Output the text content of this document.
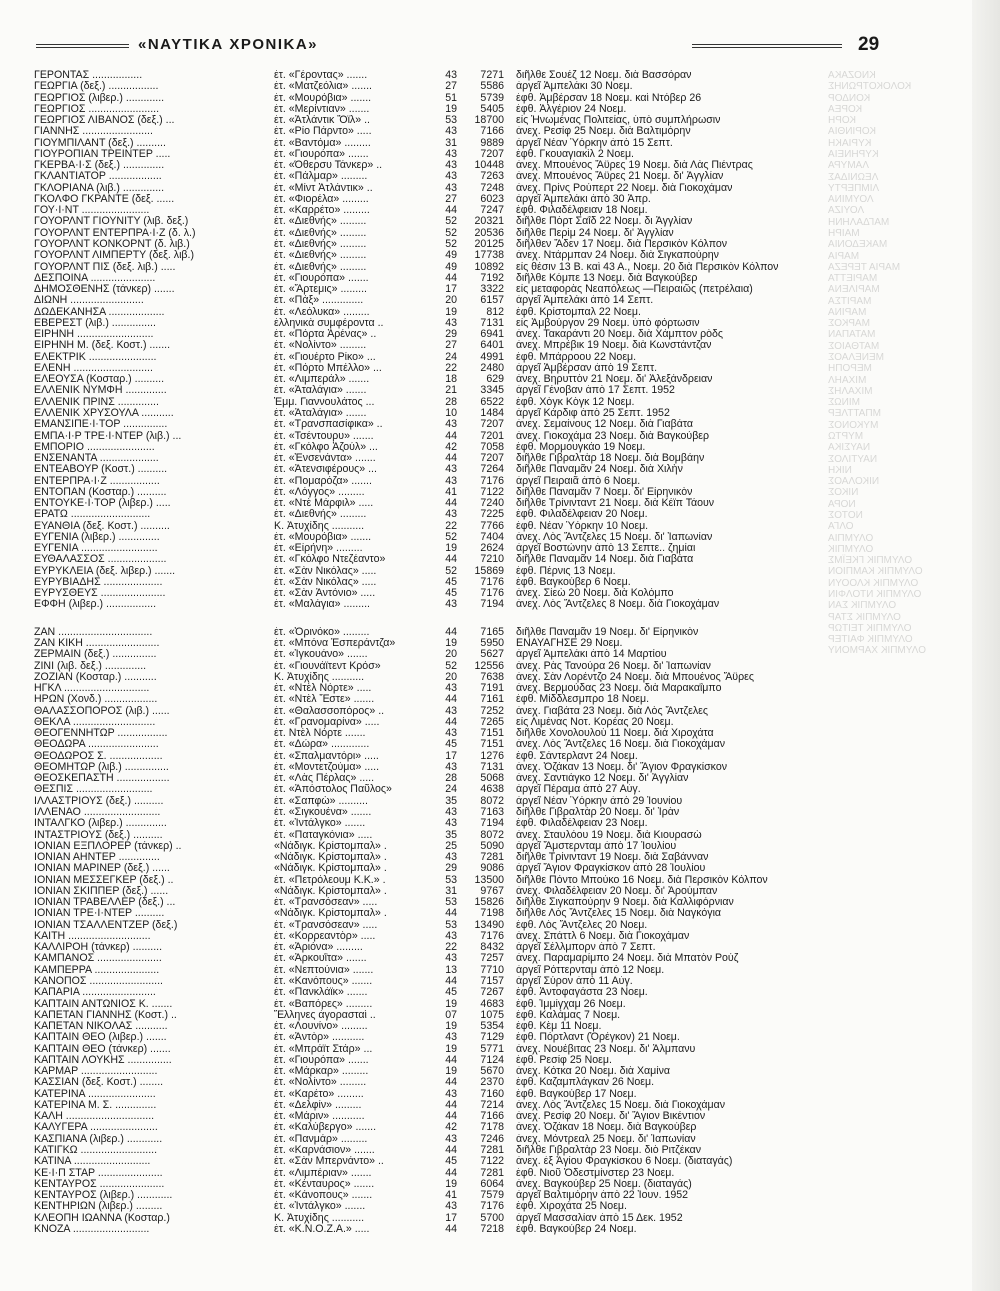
«ΝΑΥΤΙΚΑ ΧΡΟΝΙΚΑ»	29
ΚΝΟΖΑΚΑ
ΚΟΛΟΚΟΤΡΩΝΗΣ
ΚΟΝΔΟΡ
ΚΟΡΕΑ
ΚΟΡΗ
ΚΟΡΙΝΘΙΑ
ΚΥΡΙΑΚΗ
ΚΥΡΗΝΕΙΑ
ΛΑΜΥΡΑ
ΛΕΩΝΙΔΑΣ
ΛΙΜΠΕΡΤΥ
ΛΟΥΜΙΝΑ
ΛΟΥΙΖΑ
ΜΑΓΔΑΛΗΝΗ
ΜΑΙΡΗ
ΜΑΚΕΔΟΝΙΑ
ΜΑΡΙΑ
ΜΑΡΙΑ ΤΕΡΕΖΑ
ΜΑΡΙΕΤΤΑ
ΜΑΡΙΛΕΝΑ
ΜΑΡΙΤΣΑ
ΜΑΡΙΝΑ
ΜΑΡΚΟΣ
ΜΑΤΑΠΑΝ
ΜΑΤΘΑΙΟΣ
ΜΕΝΕΛΑΟΣ
ΜΕΡΟΠΗ
ΜΙΧΑΗΛ
ΜΙΧΑΛΗΣ
ΜΙΝΩΣ
ΜΠΑΤΤΛΕΡ
ΜΥΚΟΝΟΣ
ΜΥΡΤΩ
ΝΑΥΣΙΚΑ
ΝΑΥΤΙΛΟΣ
ΝΙΚΗ
ΝΙΚΟΛΑΟΣ
ΝΙΚΟΣ
ΝΟΡΑ
ΝΟΤΟΣ
ΟΛΓΑ
ΟΛΥΜΠΙΑ
ΟΛΥΜΠΙΚ
ΟΛΥΜΠΙΚ ΓΚΕΪΜΣ
ΟΛΥΜΠΙΚ ΚΑΜΠΙΟΝ
ΟΛΥΜΠΙΚ ΚΛΟΟΥΝ
ΟΛΥΜΠΙΚ ΝΤΟΛΦΙΝ
ΟΛΥΜΠΙΚ ΣΑΝ
ΟΛΥΜΠΙΚ ΣΤΑΡ
ΟΛΥΜΠΙΚ ΤΕΙΤΩΡ
ΟΛΥΜΠΙΚ ΦΑΙΤΕΡ
ΟΛΥΜΠΙΚ ΧΑΡΜΟΝΥ
ΓΕΡΟΝΤΑΣ .................	ἐτ. «Γέροντας» .......	43	7271 διῆλθε Σουέζ 12 Νοεμ. διὰ Βασσόραν
ΓΕΩΡΓΙΑ (δεξ.) .................	ἐτ. «Ματζεόλια» .......	27	5586 ἀργεῖ Ἀμπελάκι 30 Νοεμ.
ΓΕΩΡΓΙΟΣ (λιβερ.) .............	ἐτ. «Μουρόβια» .......	51	5739 ἐφθ. Ἀμβέρσαν 18 Νοεμ. καὶ Ντόβερ 26
ΓΕΩΡΓΙΟΣ ........................	ἐτ. «Μερίντιαν» .......	19	5405 ἐφθ. Ἀλγέριον 24 Νοεμ.
ΓΕΩΡΓΙΟΣ ΛΙΒΑΝΟΣ (δεξ.) ...	ἐτ. «Ἀτλάντικ Ὄϊλ» ..	53	18700 εἰς Ἡνωμένας Πολιτείας, ὑπὸ συμπλήρωσιν
ΓΙΑΝΝΗΣ ........................	ἐτ. «Ρίο Πάρντο» .....	43	7166 ἀνεχ. Ρεσίφ 25 Νοεμ. διὰ Βαλτιμόρην
ΓΙΟΥΜΠΙΛΑΝΤ (δεξ.) ..........	ἐτ. «Βαντόμα» .........	31	9889 ἀργεῖ Νέαν Ὑόρκην ἀπὸ 15 Σεπτ.
ΓΙΟΥΡΟΠΙΑΝ ΤΡΕΪΝΤΕΡ .....	ἐτ. «Γιουρόπα» .......	43	7207 ἐφθ. Γκουαγιακὶλ 2 Νοεμ.
ΓΚΕΡΒΑ·Ι·Σ (δεξ.) ..............	ἐτ. «Όθερσυ Τάνκερ» ..	43	10448 ἀνεχ. Μπουένος Ἄϋρες 19 Νοεμ. διὰ Λὰς Πιέντρας
ΓΚΛΑΝΤΙΑΤΟΡ ..................	ἐτ. «Πάλμαρ» .........	43	7263 ἀνεχ. Μπουένος Ἄϋρες 21 Νοεμ. δι' Ἀγγλίαν
ΓΚΛΟΡΙΑΝΑ (λιβ.) ..............	ἐτ. «Μίντ Ἀτλάντικ» ..	43	7248 ἀνεχ. Πρίνς Ρούπερτ 22 Νοεμ. διὰ Γιοκοχάμαν
ΓΚΟΛΦΟ ΓΚΡΑΝΤΕ (δεξ. ......	ἐτ. «Φιορέλα» .........	27	6023 ἀργεῖ Ἀμπελάκι ἀπὸ 30 Ἀπρ.
ΓΟΥ·Ι·ΝΤ .......................	ἐτ. «Καρρέτο» .........	44	7247 ἐφθ. Φιλαδέλφειαν 18 Νοεμ.
ΓΟΥΟΡΛΝΤ ΓΙΟΥΝΙΤΥ (λιβ. δεξ.)	ἐτ. «Διεθνής» .........	52	20321 διῆλθε Πὸρτ Σαΐδ 22 Νοεμ. δι Ἀγγλίαν
ΓΟΥΟΡΛΝΤ ΕΝΤΕΡΠΡΑ·Ι·Ζ (δ. λ.)	ἐτ. «Διεθνής» .........	52	20536 διῆλθε Περὶμ 24 Νοεμ. δι' Ἀγγλίαν
ΓΟΥΟΡΛΝΤ ΚΟΝΚΟΡΝΤ (δ. λιβ.)	ἐτ. «Διεθνής» .........	52	20125 διῆλθεν Ἄδεν 17 Νοεμ. διὰ Περσικὸν Κόλπον
ΓΟΥΟΡΛΝΤ ΛΙΜΠΕΡΤΥ (δεξ. λιβ.)	ἐτ. «Διεθνής» .........	49	17738 ἀνεχ. Ντάρμπαν 24 Νοεμ. διὰ Σιγκαπούρην
ΓΟΥΟΡΛΝΤ ΠΙΣ (δεξ. λιβ.) .....	ἐτ. «Διεθνής» .........	49	10892 εἰς θέσιν 13 Β. καὶ 43 Α., Νοεμ. 20 διὰ Περσικὸν Κόλπον
ΔΕΣΠΟΙΝΑ ......................	ἐτ. «Γιουρόπα» .......	44	7192 διῆλθε Κόμπε 13 Νοεμ. διὰ Βαγκούβερ
ΔΗΜΟΣΘΕΝΗΣ (τάνκερ) .......	ἐτ. «Ἄρτεμις» .........	17	3322 εἰς μεταφορὰς Νεαπόλεως —Πειραιῶς (πετρέλαια)
ΔΙΩΝΗ .........................	ἐτ. «Πάξ» ..............	20	6157 ἀργεῖ Ἀμπελάκι ἀπὸ 14 Σεπτ.
ΔΩΔΕΚΑΝΗΣΑ ...................	ἐτ. «Λεόλυκα» .........	19	812 ἐφθ. Κρίστομπαλ 22 Νοεμ.
ΕΒΕΡΕΣΤ (λιβ.) ...............	ἑλληνικὰ συμφέροντα ..	43	7131 εἰς Ἀμβούργον 29 Νοεμ. ὑπὸ φόρτωσιν
ΕΙΡΗΝΗ ..........................	ἐτ. «Πόρτα Ἀρένας» ..	29	6941 ἀνεχ. Τακαράντι 20 Νοεμ. διὰ Χάμπτον ρὸδς
ΕΙΡΗΝΗ Μ. (δεξ. Κοστ.) .......	ἐτ. «Νολίντο» .........	27	6401 ἀνεχ. Μπρέβικ 19 Νοεμ. διὰ Κωνστάντζαν
ΕΛΕΚΤΡΙΚ .......................	ἐτ. «Γιουέρτο Ρίκο» ...	24	4991 ἐφθ. Μπάρροου 22 Νοεμ.
ΕΛΕΝΗ ...........................	ἐτ. «Πόρτο Μπέλλο» ...	22	2480 ἀργεῖ Ἀμβέρσαν ἀπὸ 19 Σεπτ.
ΕΛΕΟΥΣΑ (Κοσταρ.) ..........	ἐτ. «Λιμπεράλ» .......	18	629 ἀνεχ. Βηρυττὸν 21 Νοεμ. δι' Ἀλεξάνδρειαν
ΕΛΛΕΝΙΚ ΝΥΜΦΗ ..............	ἐτ. «Ἀταλάγια» .......	21	3345 ἀργεῖ Γένοβαν ἀπὸ 17 Σεπτ. 1952
ΕΛΛΕΝΙΚ ΠΡΙΝΣ ..............	Ἑμμ. Γιαννουλάτος ...	28	6522 ἐφθ. Χὸγκ Κὸγκ 12 Νοεμ.
ΕΛΛΕΝΙΚ ΧΡΥΣΟΥΛΑ ...........	ἐτ. «Ἀταλάγια» .......	10	1484 ἀργεῖ Κάρδιφ ἀπὸ 25 Σεπτ. 1952
ΕΜΑΝΣΙΠΕ·Ι·ΤΟΡ ...............	ἐτ. «Τρανσπασίφικα» ..	43	7207 ἀνεχ. Σεμαίνους 12 Νοεμ. διὰ Γιαβάτα
ΕΜΠΑ·Ι·Ρ ΤΡΕ·Ι·ΝΤΕΡ (λιβ.) ...	ἐτ. «Τσέντουρυ» .......	44	7201 ἀνεχ. Γιοκοχάμα 23 Νοεμ. διὰ Βαγκούβερ
ΕΜΠΟΡΙΟ .......................	ἐτ. «Γκόλφο Ἀζούλ» ...	42	7058 ἐφθ. Μορμουγκάο 19 Νοεμ.
ΕΝΣΕΝΑΝΤΑ ....................	ἐτ. «Ἐνσενάντα» .......	44	7207 διῆλθε Γιβραλτὰρ 18 Νοεμ. διὰ Βομβάην
ΕΝΤΕΑΒΟΥΡ (Κοστ.) ..........	ἐτ. «Ἀτενσιφέρους» ...	43	7264 διῆλθε Παναμᾶν 24 Νοεμ. διὰ Χιλὴν
ΕΝΤΕΡΠΡΑ·Ι·Ζ .................	ἐτ. «Πομαρόζα» .......	43	7176 ἀργεῖ Πειραιᾶ ἀπὸ 6 Νοεμ.
ΕΝΤΟΠΑΝ (Κοσταρ.) ..........	ἐτ. «Λόγγος» .........	41	7122 διῆλθε Παναμᾶν 7 Νοεμ. δι' Εἰρηνικὸν
ΕΝΤΟΥΚΕ·Ι·ΤΟΡ (λιβερ.) .....	ἐτ. «Ντὲ Μάρφιλ» .....	44	7240 διῆλθε Τρίνινταντ 21 Νοεμ. διὰ Κέϊπ Τάουν
ΕΡΑΤΩ ...........................	ἐτ. «Διεθνής» .........	43	7225 ἐφθ. Φιλαδέλφειαν 20 Νοεμ.
ΕΥΑΝΘΙΑ (δεξ. Κοστ.) ..........	Κ. Ἀτυχίδης ...........	22	7766 ἐφθ. Νέαν Ὑόρκην 10 Νοεμ.
ΕΥΓΕΝΙΑ (λιβερ.) ..............	ἐτ. «Μουρόβια» .......	52	7404 ἀνεχ. Λὸς Ἄντζελες 15 Νοεμ. δι' Ἰαπωνίαν
ΕΥΓΕΝΙΑ ..........................	ἐτ. «Εἰρήνη» .........	19	2624 ἀργεῖ Βοστώνην ἀπὸ 13 Σεπτε.. ζημίαι
ΕΥΘΑΛΑΣΣΟΣ ....................	ἐτ. «Γκόλφο Ντεζέαντο»	44	7210 διῆλθε Παναμᾶν 14 Νοεμ. διὰ Γιαβάτα
ΕΥΡΥΚΛΕΙΑ (δεξ. λιβερ.) .......	ἐτ. «Σὰν Νικόλας» .....	52	15869 ἐφθ. Πέρνις 13 Νοεμ.
ΕΥΡΥΒΙΑΔΗΣ ....................	ἐτ. «Σὰν Νικόλας» .....	45	7176 ἐφθ. Βαγκούβερ 6 Νοεμ.
ΕΥΡΥΣΘΕΥΣ ......................	ἐτ. «Σὰν Ἀντόνιο» .....	45	7176 ἀνεχ. Σίεὼ 20 Νοεμ. διὰ Κολόμπο
ΕΦΦΗ (λιβερ.) .................	ἐτ. «Μαλάγια» .........	43	7194 ἀνεχ. Λὸς Ἄντζελες 8 Νοεμ. διὰ Γιοκοχάμαν
ΖΑΝ ................................	ἐτ. «Ὀρινόκο» .........	44	7165 διῆλθε Παναμᾶν 19 Νοεμ. δι' Εἰρηνικὸν
ΖΑΝ ΚΙΚΗ .........................	ἐτ. «Μπόνα Ἐσπεράντζα»	19	5950 ΕΝΑΥΑΓΗΣΕ 29 Νοεμ.
ΖΕΡΜΑΙΝ (δεξ.) ...............	ἐτ. «Ἰγκουάνο» .......	20	5627 ἀργεῖ Ἀμπελάκι ἀπὸ 14 Μαρτίου
ΖΙΝΙ (λιβ. δεξ.) ..............	ἐτ. «Γιουνάϊτεντ Κρόσ»	52	12556 ἀνεχ. Ρὰς Τανούρα 26 Νοεμ. δι' Ἰαπωνίαν
ΖΟΖΙΑΝ (Κοσταρ.) ...........	Κ. Ἀτυχίδης ...........	20	7638 ἀνεχ. Σὰν Λορέντζο 24 Νοεμ. διὰ Μπουένος Ἄϋρες
ΗΓΚΛ .............................	ἐτ. «Ντὲλ Νόρτε» .....	43	7191 ἀνεχ. Βερμούδας 23 Νοεμ. διὰ Μαρακαΐμπο
ΗΡΩΝ (Χονδ.) ..................	ἐτ. «Ντὲλ Ἔστε» .......	44	7161 ἐφθ. Μίδδλεσμπρο 18 Νοεμ.
ΘΑΛΑΣΣΟΠΟΡΟΣ (λιβ.) ......	ἐτ. «Θαλασσοπόρος» ..	43	7252 ἀνεχ. Γιαβάτα 23 Νοεμ. διὰ Λὸς Ἄντζελες
ΘΕΚΛΑ ............................	ἐτ. «Γρανομαρίνα» .....	44	7265 εἰς Λιμένας Νοτ. Κορέας 20 Νοεμ.
ΘΕΟΓΕΝΝΗΤΩΡ .................	ἐτ. Ντὲλ Νόρτε .......	43	7151 διῆλθε Χονολουλοὺ 11 Νοεμ. διὰ Χιροχάτα
ΘΕΟΔΩΡΑ ........................	ἐτ. «Δώρα» .............	45	7151 ἀνεχ. Λὸς Ἄντζελες 16 Νοεμ. διὰ Γιοκοχάμαν
ΘΕΟΔΩΡΟΣ Σ. ..................	ἐτ. «Σπαλμαντόρι» .....	17	1276 ἐφθ. Σάντερλαντ 24 Νοεμ.
ΘΕΟΜΗΤΩΡ (λιβ.) ...............	ἐτ. «Μοντετζούμα» .....	43	7131 ἀνεχ. Ὀζάκαν 13 Νοεμ. δι' Ἅγιον Φραγκίσκον
ΘΕΟΣΚΕΠΑΣΤΗ ..................	ἐτ. «Λὰς Πέρλας» .....	28	5068 ἀνεχ. Σαντιάγκο 12 Νοεμ. δι' Ἀγγλίαν
ΘΕΣΠΙΣ ..........................	ἐτ. «Ἀπόστολος Παῦλος»	24	4638 ἀργεῖ Πέραμα ἀπὸ 27 Αὐγ.
ΙΛΛΑΣΤΡΙΟΥΣ (δεξ.) ..........	ἐτ. «Σαπφὼ» ..........	35	8072 ἀργεῖ Νέαν Ὑόρκην ἀπὸ 29 Ἰουνίου
ΙΛΛΕΝΑΟ ..........................	ἐτ. «Σιγκουένα» .......	43	7163 διῆλθε Γιβραλτὰρ 20 Νοεμ. δι' Ἰρὰν
ΙΝΤΑΛΓΚΟ (λιβερ.) ..............	ἐτ. «Ἰντάλγκο» .......	43	7194 ἐφθ. Φιλαδέλφειαν 23 Νοεμ.
ΙΝΤΑΣΤΡΙΟΥΣ (δεξ.) ..........	ἐτ. «Παταγκόνια» .....	35	8072 ἀνεχ. Σταυλόου 19 Νοεμ. διὰ Κιουρασὼ
ΙΟΝΙΑΝ ΕΞΠΛΟΡΕΡ (τάνκερ) ..	«Νάδιγκ. Κρίστομπαλ» .	25	5090 ἀργεῖ Ἄμστερνταμ ἀπὸ 17 Ἰουλίου
ΙΟΝΙΑΝ ΑΗΝΤΕΡ ..............	«Νάδιγκ. Κρίστομπαλ» .	43	7281 διῆλθε Τρίνινταντ 19 Νοεμ. διὰ Σαβάνναν
ΙΟΝΙΑΝ ΜΑΡΙΝΕΡ (δεξ.) ......	«Νάδιγκ. Κρίστομπαλ» .	29	9086 ἀργεῖ Ἅγιον Φραγκίσκον ἀπὸ 28 Ἰουλίου
ΙΟΝΙΑΝ ΜΕΣΣΕΓΚΕΡ (δεξ.) ..	ἐτ. «Πετρόλεουμ Κ.Κ.» .	53	13500 διῆλθε Πόντο Μπούκο 16 Νοεμ. διὰ Περσικὸν Κόλπον
ΙΟΝΙΑΝ ΣΚΙΠΠΕΡ (δεξ.) ......	«Νάδιγκ. Κρίστομπαλ» .	31	9767 ἀνεχ. Φιλαδέλφειαν 20 Νοεμ. δι' Ἀρούμπαν
ΙΟΝΙΑΝ ΤΡΑΒΕΛΛΕΡ (δεξ.) ...	ἐτ. «Τρανσόσεαν» .....	53	15826 διῆλθε Σιγκαπούρην 9 Νοεμ. διὰ Καλλιφόρνιαν
ΙΟΝΙΑΝ ΤΡΕ·Ι·ΝΤΕΡ ..........	«Νάδιγκ. Κρίστομπαλ» .	44	7198 διῆλθε Λὸς Ἄντζελες 15 Νοεμ. διὰ Ναγκόγια
ΙΟΝΙΑΝ ΤΣΑΛΛΕΝΤΖΕΡ (δεξ.)	ἐτ. «Τρανσόσεαν» .....	53	13490 ἐφθ. Λὸς Ἄντζελες 20 Νοεμ.
ΚΑΙΤΗ ............................	ἐτ. «Κορρεαντὸρ» .....	43	7176 ἀνεχ. Σπάττλ 6 Νοεμ. διὰ Γιοκοχάμαν
ΚΑΛΛΙΡΟΗ (τάνκερ) ..........	ἐτ. «Ἀριόνα» .........	22	8432 ἀργεῖ Σέλλμπορν ἀπὸ 7 Σεπτ.
ΚΑΜΠΑΝΟΣ ......................	ἐτ. «Ἀρκουΐτα» .......	43	7257 ἀνεχ. Παραμαρίμπο 24 Νοεμ. διὰ Μπατὸν Ρούζ
ΚΑΜΠΕΡΡΑ ......................	ἐτ. «Νεπτούνια» .......	13	7710 ἀργεῖ Ρόττερνταμ ἀπὸ 12 Νοεμ.
ΚΑΝΟΠΟΣ .........................	ἐτ. «Κανόπους» .......	44	7157 ἀργεῖ Σύρον ἀπὸ 11 Αὐγ.
ΚΑΠΑΡΙΑ .........................	ἐτ. «Πανκλάϊκ» .......	45	7267 ἐφθ. Ἀντοφαγάστα 23 Νοεμ.
ΚΑΠΤΑΙΝ ΑΝΤΩΝΙΟΣ Κ. .......	ἐτ. «Βαπόρες» .........	19	4683 ἐφθ. Ἰμμίγχαμ 26 Νοεμ.
ΚΑΠΕΤΑΝ ΓΙΑΝΝΗΣ (Κοστ.) ..	Ἕλληνες ἀγορασταὶ ..	07	1075 ἐφθ. Καλάμας 7 Νοεμ.
ΚΑΠΕΤΑΝ ΝΙΚΟΛΑΣ ...........	ἐτ. «Λουνίνο» .........	19	5354 ἐφθ. Κὲμ 11 Νοεμ.
ΚΑΠΤΑΙΝ ΘΕΟ (λιβερ.) .......	ἐτ. «Ἀντὸρ» ...........	43	7129 ἐφθ. Πόρτλαντ (Ὀρέγκον) 21 Νοεμ.
ΚΑΠΤΑΙΝ ΘΕΟ (τάνκερ) .......	ἐτ. «Μπράϊτ Στάρ» ...	19	5771 ἀνεχ. Νουέβιτας 23 Νοεμ. δι' Ἀλμπανυ
ΚΑΠΤΑΙΝ ΛΟΥΚΗΣ ...............	ἐτ. «Γιουρόπα» .......	44	7124 ἐφθ. Ρεσίφ 25 Νοεμ.
ΚΑΡΜΑΡ ..........................	ἐτ. «Μάρκαρ» .........	19	5670 ἀνεχ. Κότκα 20 Νοεμ. διὰ Χαμίνα
ΚΑΣΣΙΑΝ (δεξ. Κοστ.) ........	ἐτ. «Νολίντο» .........	44	2370 ἐφθ. Καζαμπλάγκαν 26 Νοεμ.
ΚΑΤΕΡΙΝΑ .......................	ἐτ. «Καρέτο» .........	43	7160 ἐφθ. Βαγκούβερ 17 Νοεμ.
ΚΑΤΕΡΙΝΑ Μ. Σ. ..............	ἐτ. «Δελφίν» .........	44	7214 ἀνεχ. Λὸς Ἄντζελες 15 Νοεμ. διὰ Γιοκοχάμαν
ΚΑΛΗ ..............................	ἐτ. «Μάριν» ...........	44	7166 ἀνεχ. Ρεσίφ 20 Νοεμ. δι' Ἅγιον Βικέντιον
ΚΑΛΥΓΕΡΑ .......................	ἐτ. «Καλύβεργο» .......	42	7178 ἀνεχ. Ὀζάκαν 18 Νοεμ. διὰ Βαγκούβερ
ΚΑΣΠΙΑΝΑ (λιβερ.) ............	ἐτ. «Πανμάρ» .........	43	7246 ἀνεχ. Μόντρεαλ 25 Νοεμ. δι' Ἰαπωνίαν
ΚΑΤΙΓΚΩ ..........................	ἐτ. «Καρνάσιον» .......	44	7281 διῆλθε Γιβραλτὰρ 23 Νοεμ. διὸ Ριτζέκαν
ΚΑΤΙΝΑ ..........................	ἐτ. «Σὰν Μπερνάντο» ..	45	7122 ἀνεχ. ἐξ Ἁγίου Φραγκίσκου 6 Νοεμ. (διαταγάς)
ΚΕ·Ι·Π ΣΤΑΡ ......................	ἐτ. «Λιμπέριαν» .......	44	7281 ἐφθ. Νιοῦ Ὀδεστμίνστερ 23 Νοεμ.
ΚΕΝΤΑΥΡΟΣ ......................	ἐτ. «Κένταυρος» .......	19	6064 ἀνεχ. Βαγκούβερ 25 Νοεμ. (διαταγάς)
ΚΕΝΤΑΥΡΟΣ (λιβερ.) ............	ἐτ. «Κάνοπους» .......	41	7579 ἀργεῖ Βαλτιμόρην ἀπὸ 22 Ἰουν. 1952
ΚΕΝΤΗΡΙΩΝ (λιβερ.) .........	ἐτ. «Ἰντάλγκο» .......	43	7176 ἐφθ. Χιροχάτα 25 Νοεμ.
ΚΛΕΟΠΗ ΙΩΑΝΝΑ (Κοσταρ.)	Κ. Ἀτυχίδης ...........	17	5700 ἀργεῖ Μασσαλίαν ἀπὸ 15 Δεκ. 1952
ΚΝΟΖΑ ..........................	ἐτ. «Κ.Ν.Ο.Ζ.Α.» .....	44	7218 ἐφθ. Βαγκούβερ 24 Νοεμ.
